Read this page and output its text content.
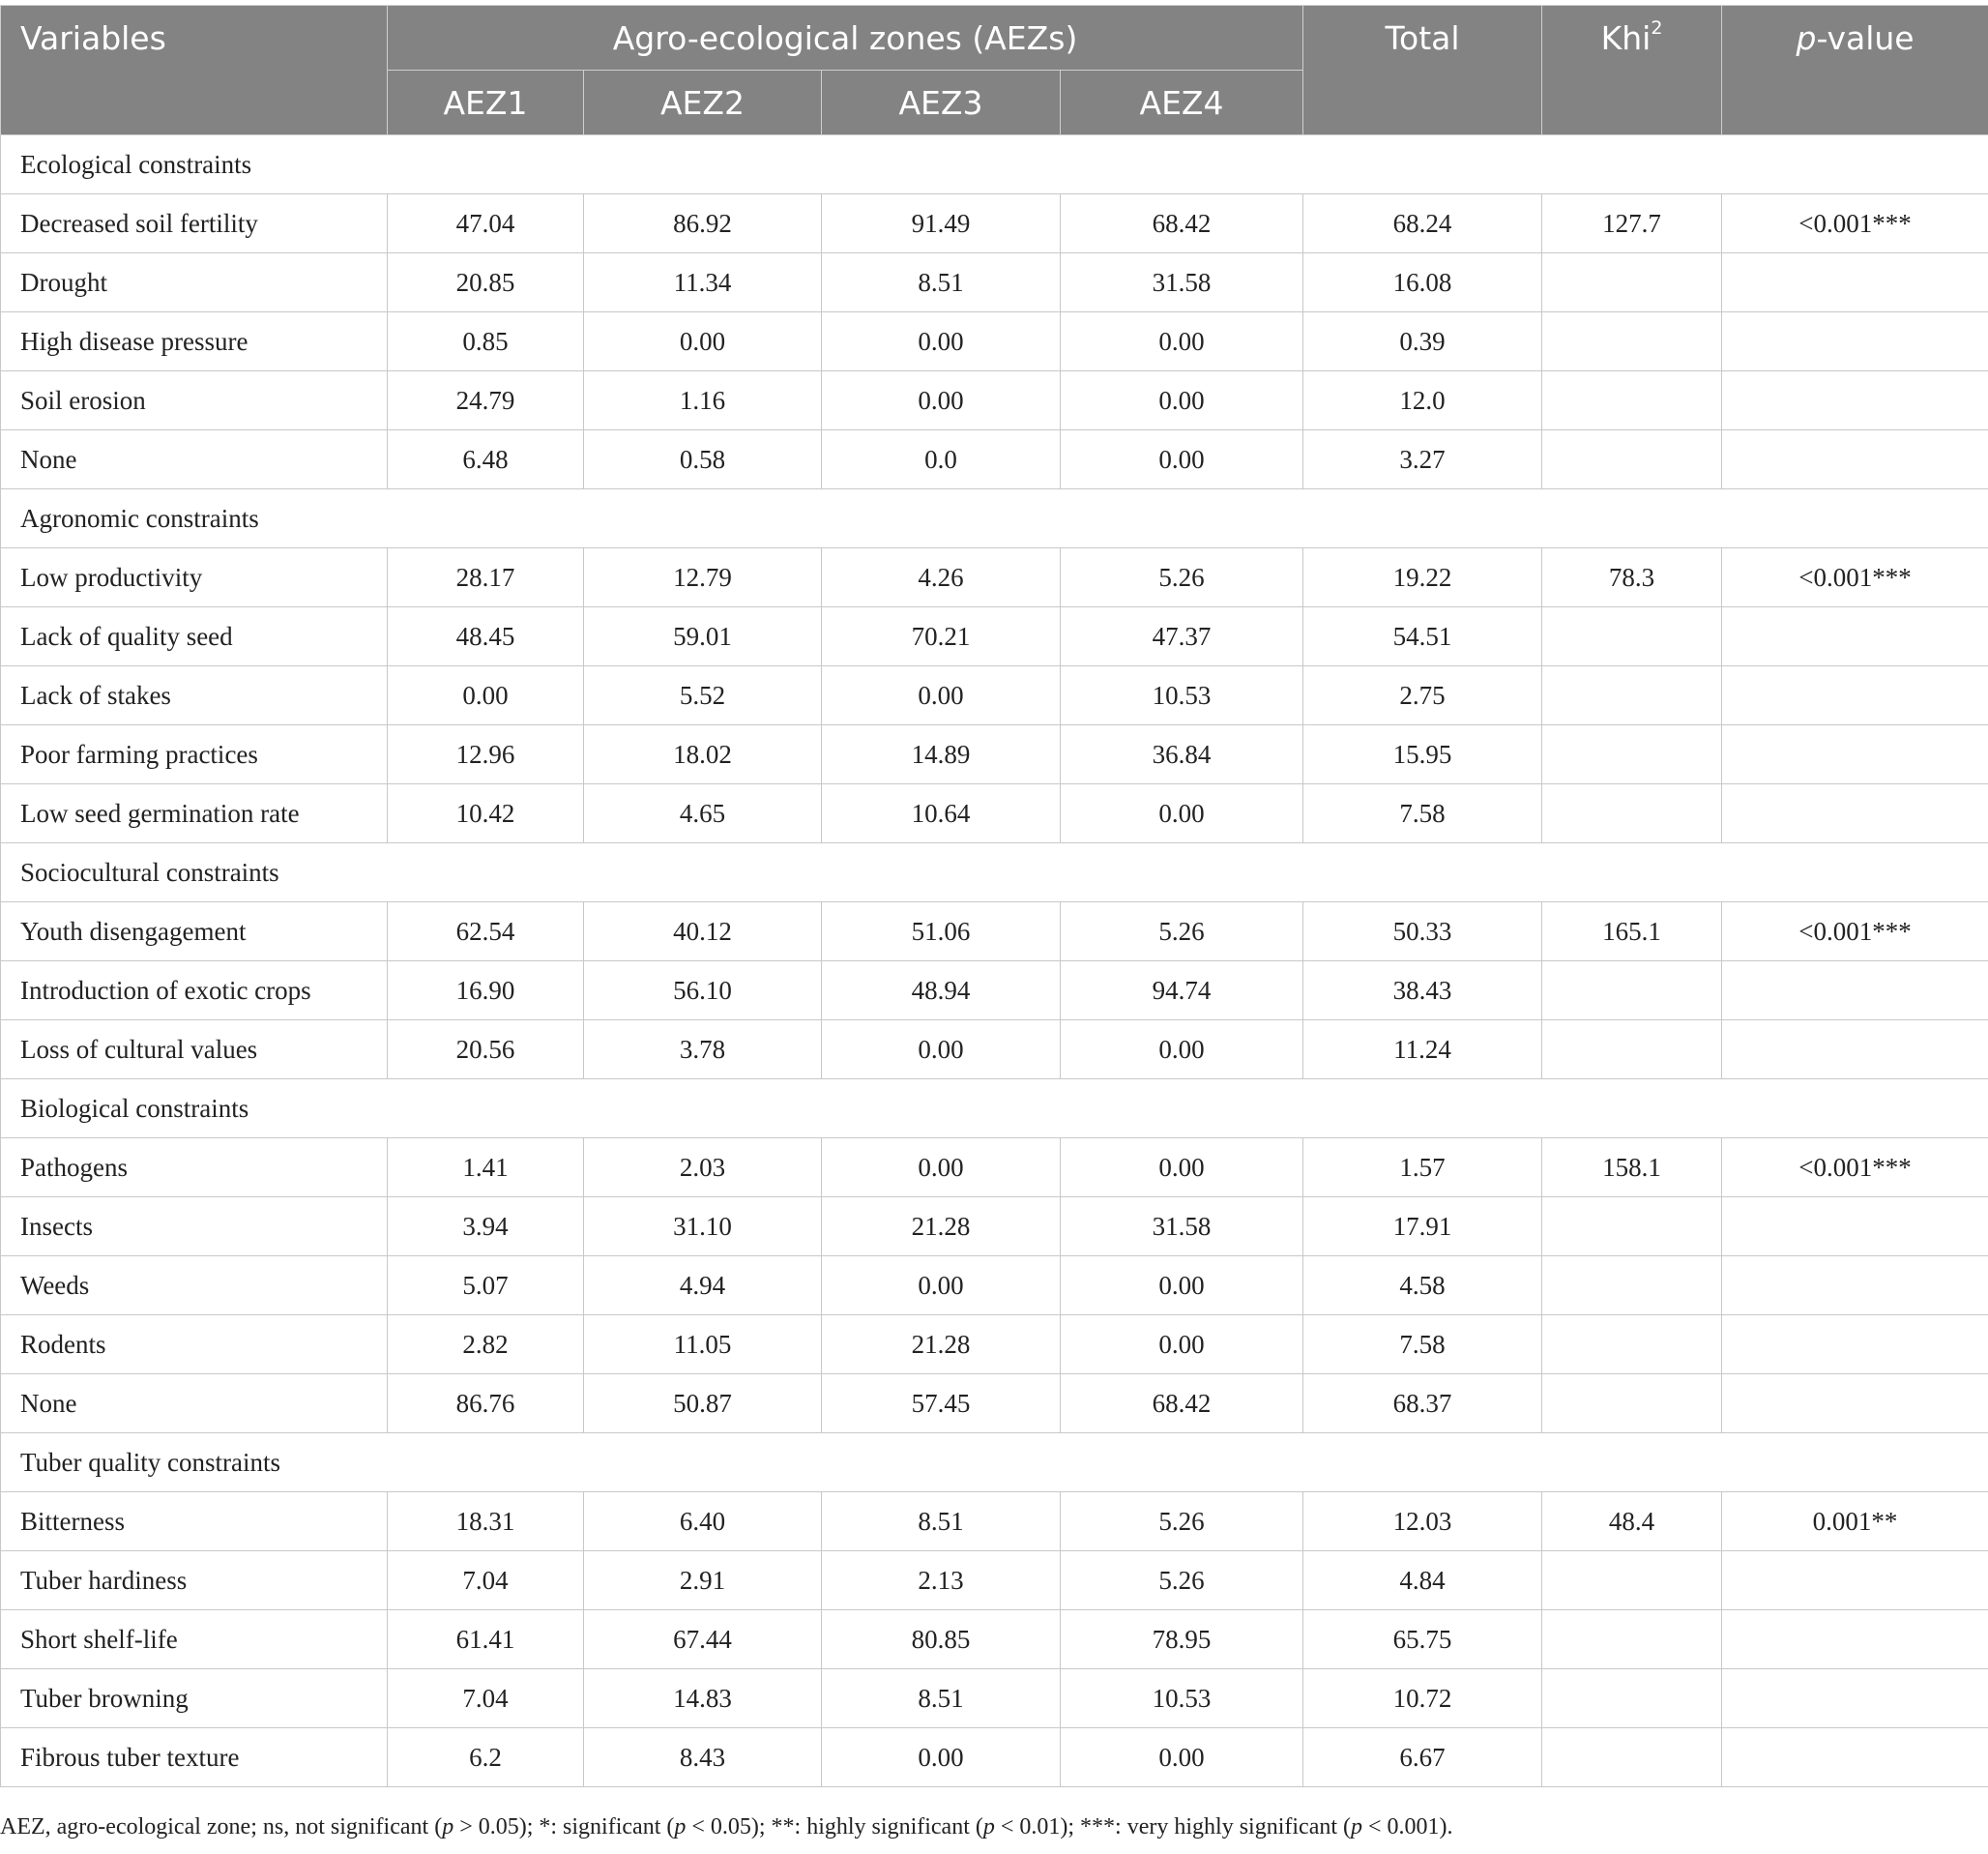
Variables	Agro-ecological zones (AEZs)				Total	Khi$^2$	p-value
	AEZ1	AEZ2	AEZ3	AEZ4			
Ecological constraints							
Decreased soil fertility	47.04	86.92	91.49	68.42	68.24	127.7	<0.001***
Drought	20.85	11.34	8.51	31.58	16.08		
High disease pressure	0.85	0.00	0.00	0.00	0.39		
Soil erosion	24.79	1.16	0.00	0.00	12.0		
None	6.48	0.58	0.0	0.00	3.27		
Agronomic constraints							
Low productivity	28.17	12.79	4.26	5.26	19.22	78.3	<0.001***
Lack of quality seed	48.45	59.01	70.21	47.37	54.51		
Lack of stakes	0.00	5.52	0.00	10.53	2.75		
Poor farming practices	12.96	18.02	14.89	36.84	15.95		
Low seed germination rate	10.42	4.65	10.64	0.00	7.58		
Sociocultural constraints							
Youth disengagement	62.54	40.12	51.06	5.26	50.33	165.1	<0.001***
Introduction of exotic crops	16.90	56.10	48.94	94.74	38.43		
Loss of cultural values	20.56	3.78	0.00	0.00	11.24		
Biological constraints							
Pathogens	1.41	2.03	0.00	0.00	1.57	158.1	<0.001***
Insects	3.94	31.10	21.28	31.58	17.91		
Weeds	5.07	4.94	0.00	0.00	4.58		
Rodents	2.82	11.05	21.28	0.00	7.58		
None	86.76	50.87	57.45	68.42	68.37		
Tuber quality constraints							
Bitterness	18.31	6.40	8.51	5.26	12.03	48.4	0.001**
Tuber hardiness	7.04	2.91	2.13	5.26	4.84		
Short shelf-life	61.41	67.44	80.85	78.95	65.75		
Tuber browning	7.04	14.83	8.51	10.53	10.72		
Fibrous tuber texture	6.2	8.43	0.00	0.00	6.67		
AEZ, agro-ecological zone; ns, not significant (p > 0.05); *: significant (p < 0.05); **: highly significant (p < 0.01); ***: very highly significant (p < 0.001).
